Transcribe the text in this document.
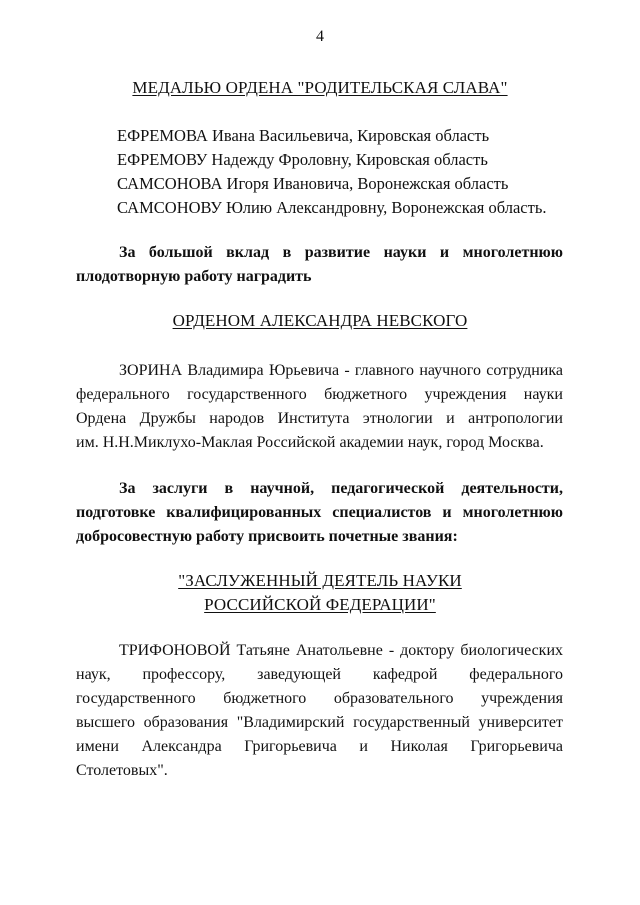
4
МЕДАЛЬЮ ОРДЕНА "РОДИТЕЛЬСКАЯ СЛАВА"
ЕФРЕМОВА Ивана Васильевича, Кировская область
ЕФРЕМОВУ Надежду Фроловну, Кировская область
САМСОНОВА Игоря Ивановича, Воронежская область
САМСОНОВУ Юлию Александровну, Воронежская область.
За большой вклад в развитие науки и многолетнюю
плодотворную работу наградить
ОРДЕНОМ АЛЕКСАНДРА НЕВСКОГО
ЗОРИНА Владимира Юрьевича - главного научного сотрудника
федерального государственного бюджетного учреждения науки
Ордена Дружбы народов Института этнологии и антропологии
им. Н.Н.Миклухо-Маклая Российской академии наук, город Москва.
За заслуги в научной, педагогической деятельности,
подготовке квалифицированных специалистов и многолетнюю
добросовестную работу присвоить почетные звания:
"ЗАСЛУЖЕННЫЙ ДЕЯТЕЛЬ НАУКИ
РОССИЙСКОЙ ФЕДЕРАЦИИ"
ТРИФОНОВОЙ Татьяне Анатольевне - доктору биологических
наук, профессору, заведующей кафедрой федерального
государственного бюджетного образовательного учреждения
высшего образования "Владимирский государственный университет
имени Александра Григорьевича и Николая Григорьевича
Столетовых".
